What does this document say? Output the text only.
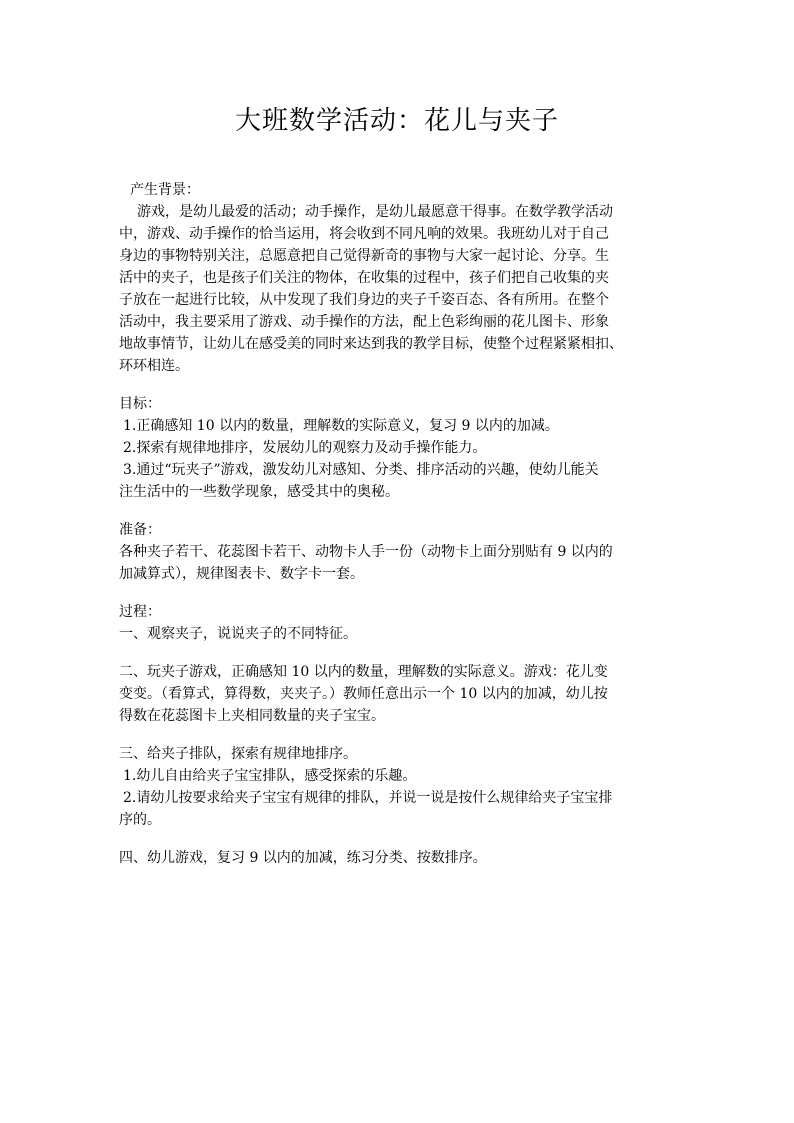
大班数学活动：花儿与夹子

产生背景：

游戏，是幼儿最爱的活动；动手操作，是幼儿最愿意干得事。在数学教学活动

中，游戏、动手操作的恰当运用，将会收到不同凡响的效果。我班幼儿对于自己

身边的事物特别关注，总愿意把自己觉得新奇的事物与大家一起讨论、分享。生

活中的夹子，也是孩子们关注的物体，在收集的过程中，孩子们把自己收集的夹

子放在一起进行比较，从中发现了我们身边的夹子千姿百态、各有所用。在整个

活动中，我主要采用了游戏、动手操作的方法，配上色彩绚丽的花儿图卡、形象

地故事情节，让幼儿在感受美的同时来达到我的教学目标，使整个过程紧紧相扣、

环环相连。

目标：

1.正确感知 10 以内的数量，理解数的实际意义，复习 9 以内的加减。

2.探索有规律地排序，发展幼儿的观察力及动手操作能力。

3.通过“玩夹子”游戏，激发幼儿对感知、分类、排序活动的兴趣，使幼儿能关

注生活中的一些数学现象，感受其中的奥秘。

准备：

各种夹子若干、花蕊图卡若干、动物卡人手一份（动物卡上面分别贴有 9 以内的

加减算式），规律图表卡、数字卡一套。

过程：

一、观察夹子，说说夹子的不同特征。

二、玩夹子游戏，正确感知 10 以内的数量，理解数的实际意义。游戏：花儿变

变变。（看算式，算得数，夹夹子。）教师任意出示一个 10 以内的加减，幼儿按

得数在花蕊图卡上夹相同数量的夹子宝宝。

三、给夹子排队，探索有规律地排序。

1.幼儿自由给夹子宝宝排队，感受探索的乐趣。

2.请幼儿按要求给夹子宝宝有规律的排队，并说一说是按什么规律给夹子宝宝排

序的。

四、幼儿游戏，复习 9 以内的加减，练习分类、按数排序。
